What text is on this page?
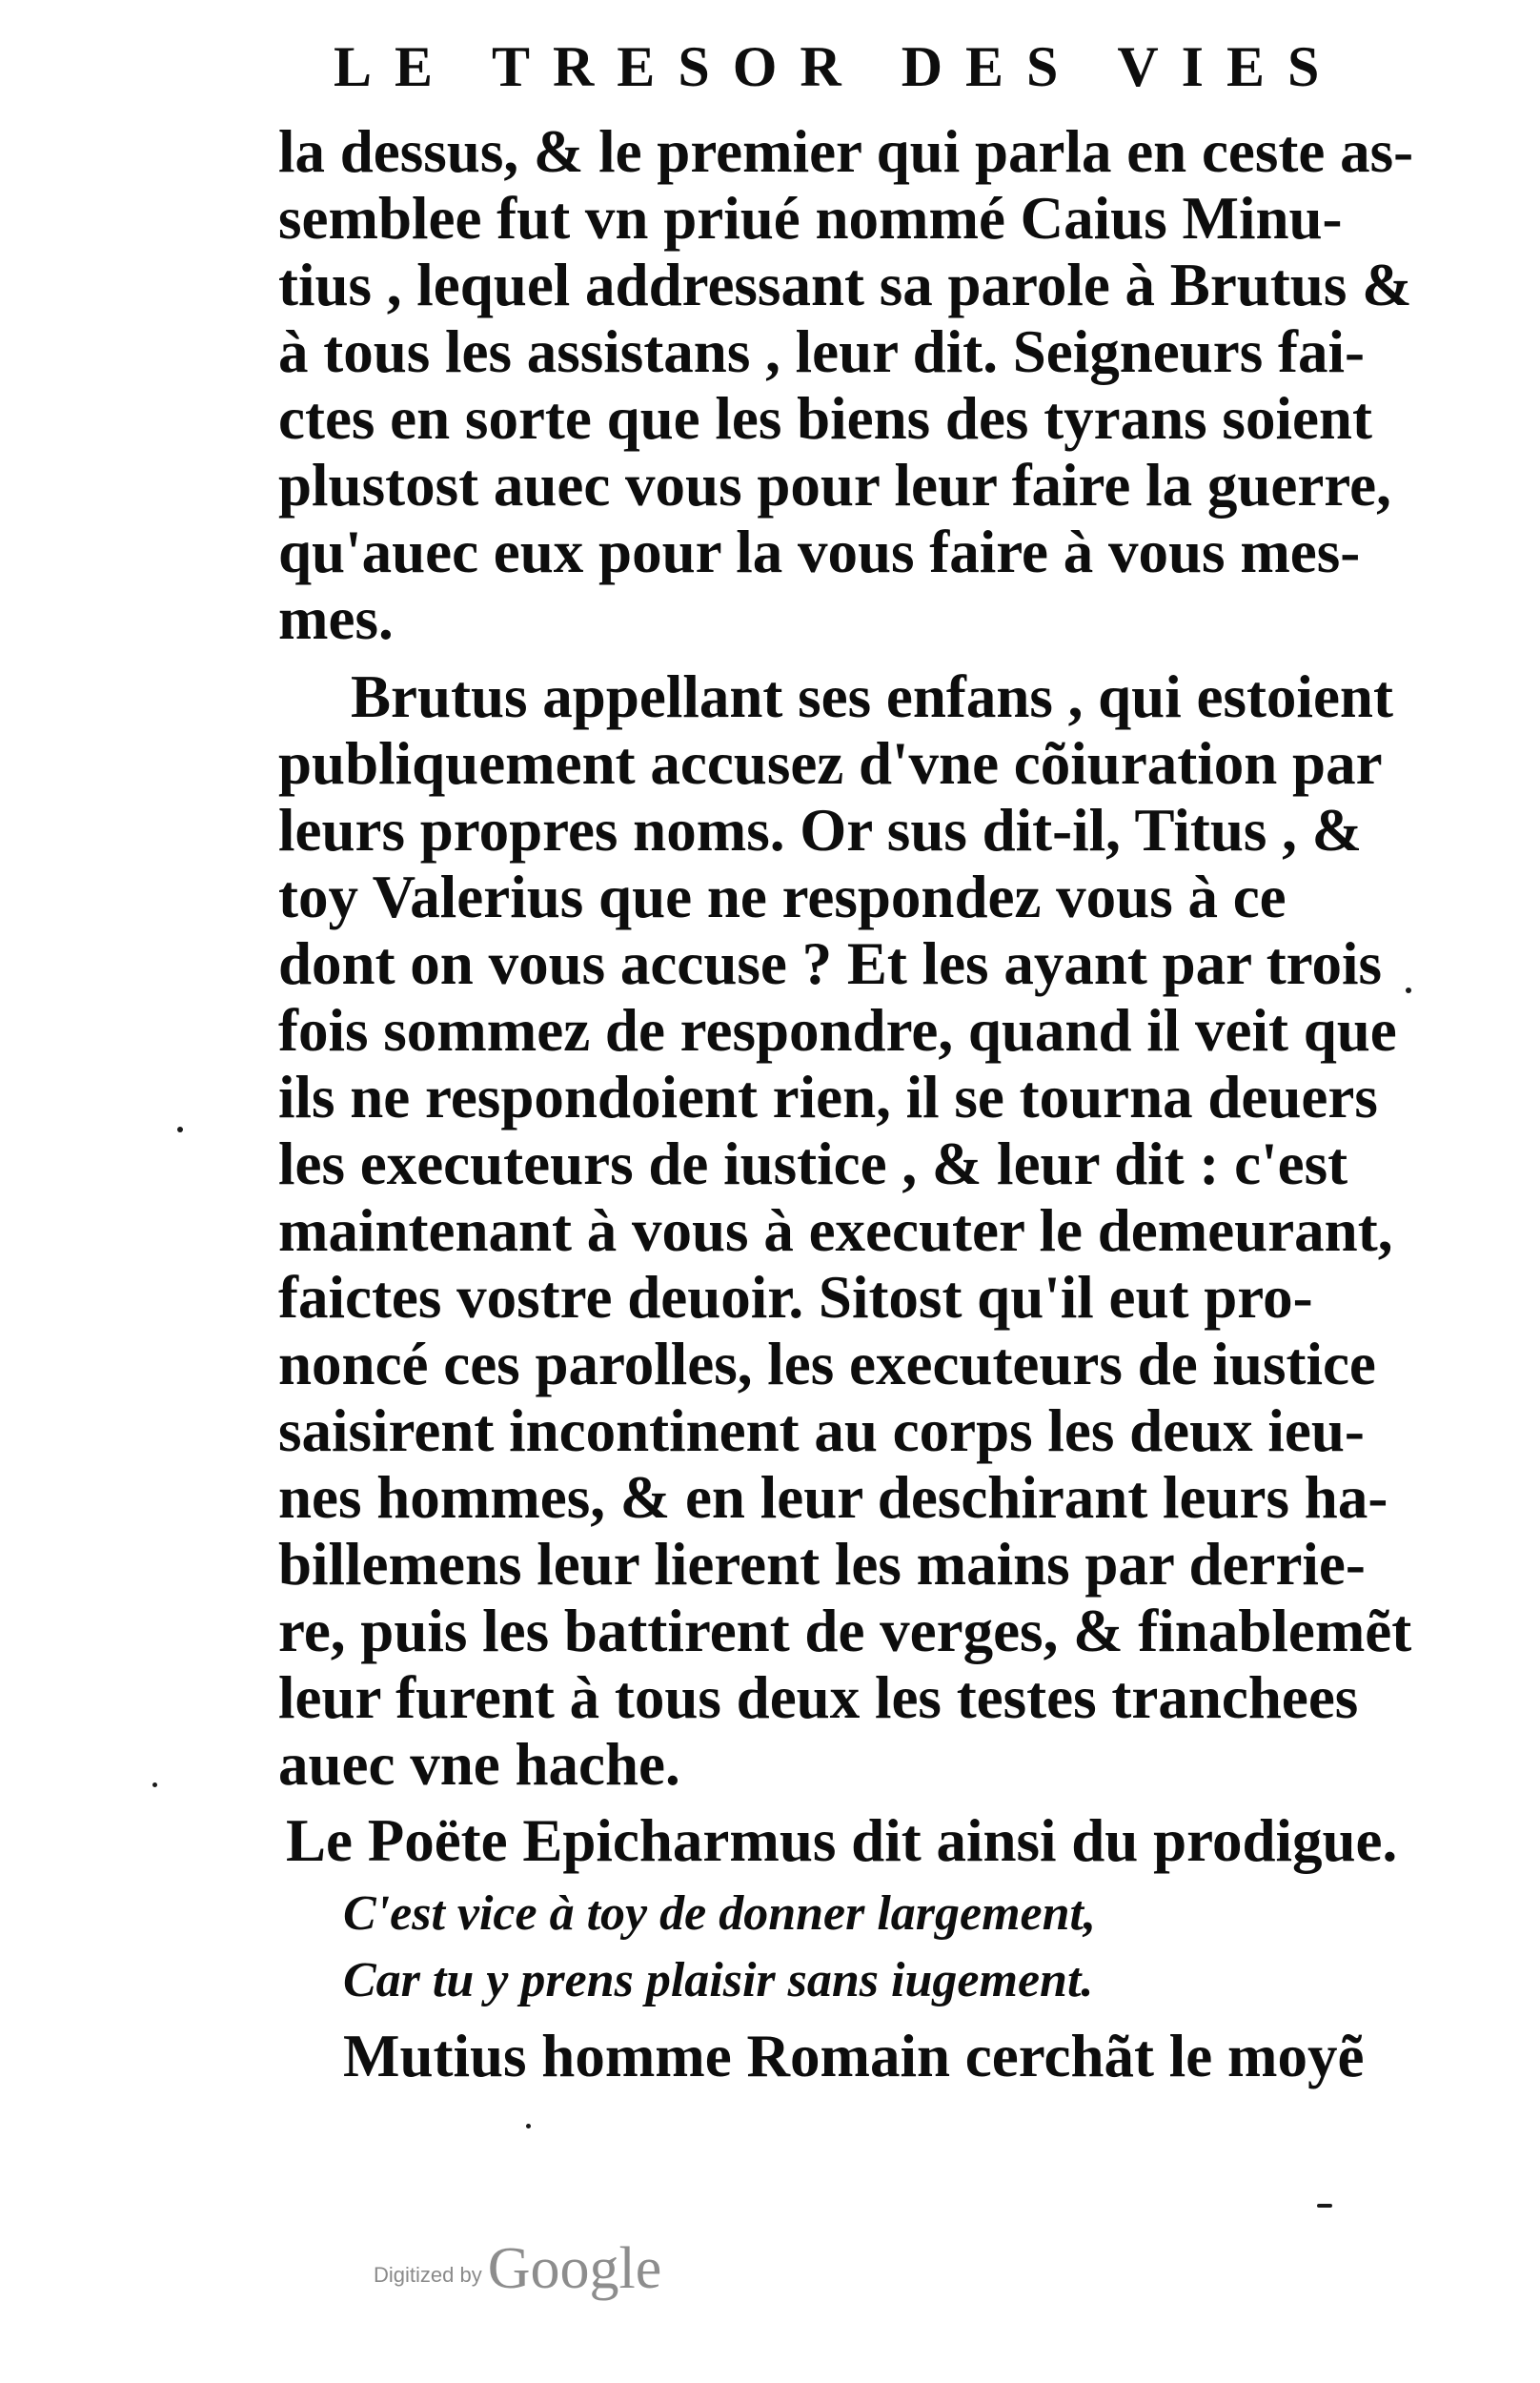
LE TRESOR DES VIES
la dessus, & le premier qui parla en ceste as-
semblee fut vn priué nommé Caius Minu-
tius , lequel addressant sa parole à Brutus &
à tous les assistans , leur dit. Seigneurs fai-
ctes en sorte que les biens des tyrans soient
plustost auec vous pour leur faire la guerre,
qu'auec eux pour la vous faire à vous mes-
mes.
Brutus appellant ses enfans , qui estoient
publiquement accusez d'vne cõiuration par
leurs propres noms. Or sus dit-il, Titus , &
toy Valerius que ne respondez vous à ce
dont on vous accuse ? Et les ayant par trois
fois sommez de respondre, quand il veit que
ils ne respondoient rien, il se tourna deuers
les executeurs de iustice , & leur dit : c'est
maintenant à vous à executer le demeurant,
faictes vostre deuoir. Sitost qu'il eut pro-
noncé ces parolles, les executeurs de iustice
saisirent incontinent au corps les deux ieu-
nes hommes, & en leur deschirant leurs ha-
billemens leur lierent les mains par derrie-
re, puis les battirent de verges, & finablemẽt
leur furent à tous deux les testes tranchees
auec vne hache.
Le Poëte Epicharmus dit ainsi du prodigue.
C'est vice à toy de donner largement,
Car tu y prens plaisir sans iugement.
Mutius homme Romain cerchãt le moyẽ
Digitized byGoogle
